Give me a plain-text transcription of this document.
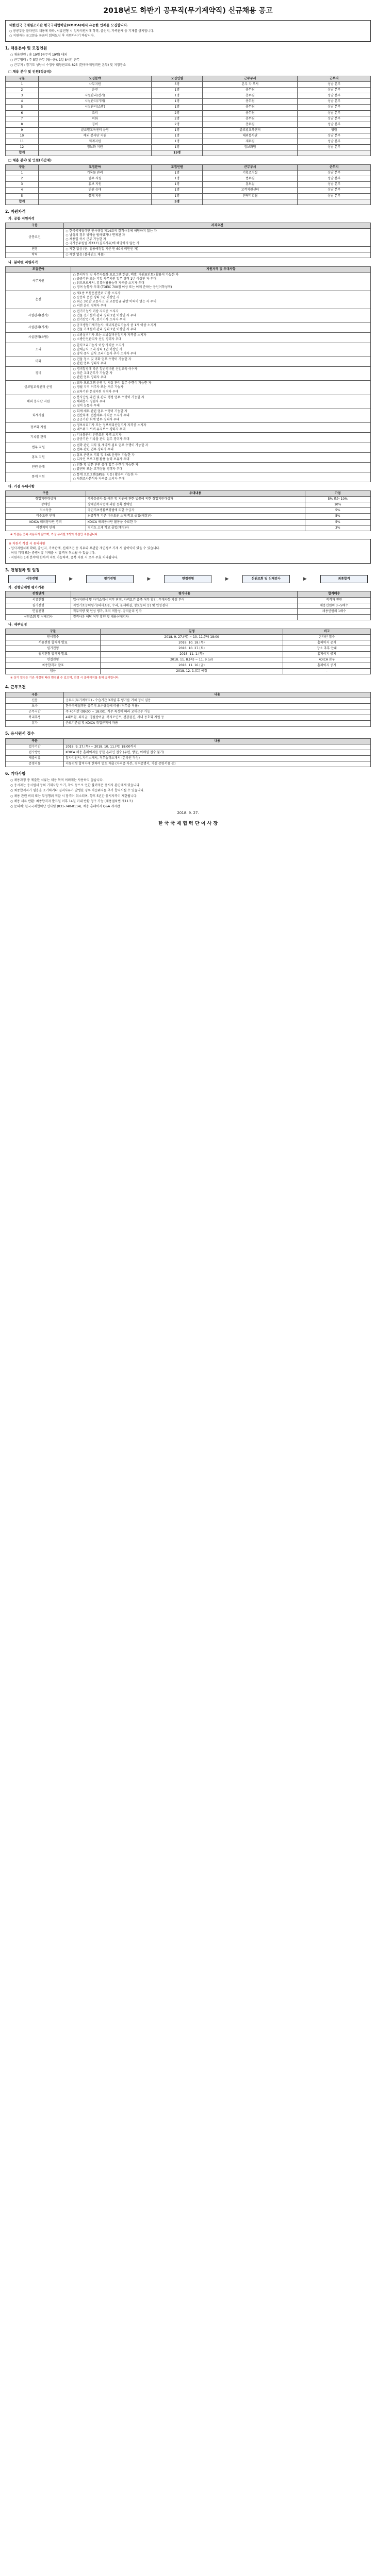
2018년도 하반기 공무직(무기계약직) 신규채용 공고
대한민국 국제원조기관 한국국제협력단(KOICA)에서 유능한 인재를 모집합니다.

○ 공공부문 블라인드 채용에 따라, 서류전형 시 입사지원서에 학력, 출신지, 가족관계 등 기재를 금지합니다.

○ 지원자는 공고문을 꼼꼼히 읽어보신 후 지원하시기 바랍니다.

1. 채용분야 및 모집인원
○ 채용인원 : 총 19명 (공무직 19명) 내외
○ 근무형태 : 주 5일 근무 (월~금), 1일 8시간 근무
○ 근무지 : 경기도 성남시 수정구 대왕판교로 825 (한국국제협력단 본부) 및 지정장소
□ 채용 분야 및 인원(정규직)
구분	모집분야	모집인원	근무부서	근무지
1	사무지원	5명	본부 각 부서	성남 본부
2	운전	1명	총무팀	성남 본부
3	시설관리(전기)	1명	총무팀	성남 본부
4	시설관리(기계)	1명	총무팀	성남 본부
5	시설관리(소방)	1명	총무팀	성남 본부
6	조리	2명	총무팀	성남 본부
7	미화	2명	총무팀	성남 본부
8	경비	2명	총무팀	성남 본부
9	글로벌교육센터 운영	1명	글로벌교육센터	영월
10	해외 봉사단 지원	1명	해외봉사단	성남 본부
11	회계지원	1명	재무팀	성남 본부
12	정보화 지원	1명	정보화팀	성남 본부
합계		19명		
□ 채용 분야 및 인원(기간제)
구분	모집분야	모집인원	근무부서	근무지
1	기록물 관리	1명	기획조정실	성남 본부
2	법무 지원	1명	법무팀	성남 본부
3	홍보 지원	1명	홍보실	성남 본부
4	민원 응대	1명	고객지원센터	성남 본부
5	통계 지원	1명	전략기획팀	성남 본부
합계		5명		
2. 지원자격
가. 공통 지원자격
구분	자격요건
공통요건	○ 한국국제협력단 인사규정 제14조의 결격사유에 해당하지 않는 자
○ 남성의 경우 병역을 필하였거나 면제된 자
○ 채용일 즉시 근무 가능한 자
○ 국가공무원법 제33조(결격사유)에 해당하지 않는 자

연령	○ 제한 없음 (단, 임용예정일 기준 만 60세 미만인 자)

학력	○ 제한 없음 (블라인드 채용)
나. 분야별 지원자격
모집분야	지원자격 및 우대사항
사무지원	○ 문서작성 및 사무자동화 프로그램(한글, 엑셀, 파워포인트) 활용이 가능한 자
○ 공공기관 또는 기업 사무지원 업무 경력 1년 이상인 자 우대
○ 워드프로세서, 컴퓨터활용능력 자격증 소지자 우대
○ 영어 능통자 우대 (TOEIC 700점 이상 또는 이에 준하는 공인어학성적)

운전	○ 제1종 보통운전면허 이상 소지자
○ 승용차 운전 경력 3년 이상인 자
○ 최근 3년간 교통사고 및 교통법규 위반 이력이 없는 자 우대
○ 의전 운전 경력자 우대

시설관리(전기)	○ 전기기능사 이상 자격증 소지자
○ 건물 전기설비 관리 경력 2년 이상인 자 우대
○ 전기산업기사, 전기기사 소지자 우대

시설관리(기계)	○ 공조냉동기계기능사, 에너지관리기능사 중 1개 이상 소지자
○ 건물 기계설비 관리 경력 2년 이상인 자 우대

시설관리(소방)	○ 소방설비기사 또는 소방설비산업기사 자격증 소지자
○ 소방안전관리자 선임 경력자 우대

조리	○ 한식조리기능사 이상 자격증 소지자
○ 단체급식 조리 경력 1년 이상인 자
○ 양식·중식·일식 조리기능사 추가 소지자 우대

미화	○ 건물 청소 및 미화 업무 수행이 가능한 자
○ 관련 업무 경력자 우대

경비	○ 경비업법에 따른 일반경비원 신임교육 이수자
○ 야간 교대근무가 가능한 자
○ 관련 업무 경력자 우대

글로벌교육센터 운영	○ 교육 프로그램 운영 및 시설 관리 업무 수행이 가능한 자
○ 영월 지역 거주자 또는 거주 가능자
○ 교육기관 운영지원 경력자 우대

해외 봉사단 지원	○ 봉사단원 파견 및 관리 행정 업무 수행이 가능한 자
○ 해외봉사 경험자 우대
○ 영어 능통자 우대

회계지원	○ 회계·세무 관련 업무 수행이 가능한 자
○ 전산회계, 전산세무 자격증 소지자 우대
○ 공공기관 회계 업무 경력자 우대

정보화 지원	○ 정보처리기사 또는 정보처리산업기사 자격증 소지자
○ 네트워크·서버 유지보수 경력자 우대

기록물 관리	○ 기록물관리 전문요원 자격 소지자
○ 공공기관 기록물 관리 업무 경력자 우대

법무 지원	○ 법학 관련 지식 및 계약서 검토 업무 수행이 가능한 자
○ 법무 관련 업무 경력자 우대

홍보 지원	○ 홍보 콘텐츠 기획 및 SNS 운영이 가능한 자
○ 디자인 프로그램 활용 능력 보유자 우대

민원 응대	○ 전화 및 방문 민원 응대 업무 수행이 가능한 자
○ 콜센터 또는 고객상담 경력자 우대

통계 지원	○ 통계 프로그램(SPSS, R 등) 활용이 가능한 자
○ 사회조사분석사 자격증 소지자 우대
다. 가점 우대사항
구분	우대내용	가점
취업지원대상자	국가유공자 등 예우 및 지원에 관한 법률에 의한 취업지원대상자	5% 또는 10%
장애인	장애인복지법에 의한 등록 장애인	10%
저소득층	국민기초생활보장법에 의한 수급자	5%
비수도권 인재	최종학력 기준 비수도권 소재 학교 졸업(예정)자	5%
KOICA 해외봉사단 경력	KOICA 해외봉사단 활동을 수료한 자	5%
이전지역 인재	경기도 소재 학교 졸업(예정)자	3%
※ 가점은 중복 적용되지 않으며, 가장 유리한 1개의 가점만 적용됩니다.

※ 지원서 작성 시 유의사항

- 입사지원서에 학력, 출신지, 가족관계, 신체조건 등 직무와 무관한 개인정보 기재 시 불이익이 있을 수 있습니다.

- 허위 기재 또는 증빙서류 미제출 시 합격이 취소될 수 있습니다.

- 지원자는 1개 분야에 한하여 지원 가능하며, 중복 지원 시 모두 무효 처리됩니다.

3. 전형절차 및 일정
서류전형	▶	필기전형	▶	면접전형	▶	신원조회 및 신체검사	▶	최종합격
가. 전형단계별 평가기준
전형단계	평가내용	합격배수
서류전형	입사지원서 및 자기소개서 적부 판정, 자격요건 충족 여부 확인, 우대사항 가점 부여	적격자 전원
필기전형	직업기초능력평가(의사소통, 수리, 문제해결, 정보능력 등) 및 인성검사	채용인원의 3~5배수
면접전형	직무역량 및 인성 평가, 조직 적합성, 공직윤리 평가	채용인원의 1배수
신원조회 및 신체검사	결격사유 해당 여부 확인 및 채용신체검사	-
나. 세부일정
구분	일정	비고
원서접수	2018. 9. 27.(목) ~ 10. 11.(목) 18:00	온라인 접수
서류전형 합격자 발표	2018. 10. 18.(목)	홈페이지 공지
필기전형	2018. 10. 27.(토)	장소 추후 안내
필기전형 합격자 발표	2018. 11. 1.(목)	홈페이지 공지
면접전형	2018. 11. 8.(목) ~ 11. 9.(금)	KOICA 본부
최종합격자 발표	2018. 11. 16.(금)	홈페이지 공지
임용	2018. 12. 1.(토) 예정	-
※ 상기 일정은 기관 사정에 따라 변경될 수 있으며, 변경 시 홈페이지를 통해 공지합니다.
4. 근무조건
구분	내용
신분	공무직(무기계약직) - 수습기간 3개월 후 평가를 거쳐 정식 임용
보수	한국국제협력단 공무직 보수규정에 따름 (직무급 적용)
근무시간	주 40시간 (09:00 ~ 18:00), 직무 특성에 따라 교대근무 가능
복리후생	4대보험, 퇴직금, 명절상여금, 복지포인트, 건강검진, 사내 동호회 지원 등
휴가	근로기준법 및 KOICA 취업규칙에 따름
5. 응시원서 접수
구분	내용
접수기간	2018. 9. 27.(목) ~ 2018. 10. 11.(목) 18:00까지
접수방법	KOICA 채용 홈페이지를 통한 온라인 접수 (우편, 방문, 이메일 접수 불가)
제출서류	입사지원서, 자기소개서, 직무능력소개서 (온라인 작성)
증빙서류	서류전형 합격자에 한하여 별도 제출 (자격증 사본, 경력증명서, 가점 증빙서류 등)
6. 기타사항
○ 채용과정 중 제출한 서류는 채용 목적 이외에는 사용하지 않습니다.
○ 응시자는 응시원서 등의 기재사항 오기, 착오 등으로 인한 불이익은 응시자 본인에게 있습니다.
○ 최종합격자가 임용을 포기하거나 결격사유가 발생한 경우 차순위자를 추가 합격시킬 수 있습니다.
○ 채용 관련 비리 또는 부정행위 적발 시 합격이 취소되며, 향후 5년간 응시자격이 제한됩니다.
○ 채용 서류 반환: 최종합격자 발표일 이후 14일 이내 반환 청구 가능 (채용절차법 제11조)
○ 문의처: 한국국제협력단 인사팀 (031-740-0114), 채용 홈페이지 Q&A 게시판
2018. 9. 27.
한 국 국 제 협 력 단 이 사 장
